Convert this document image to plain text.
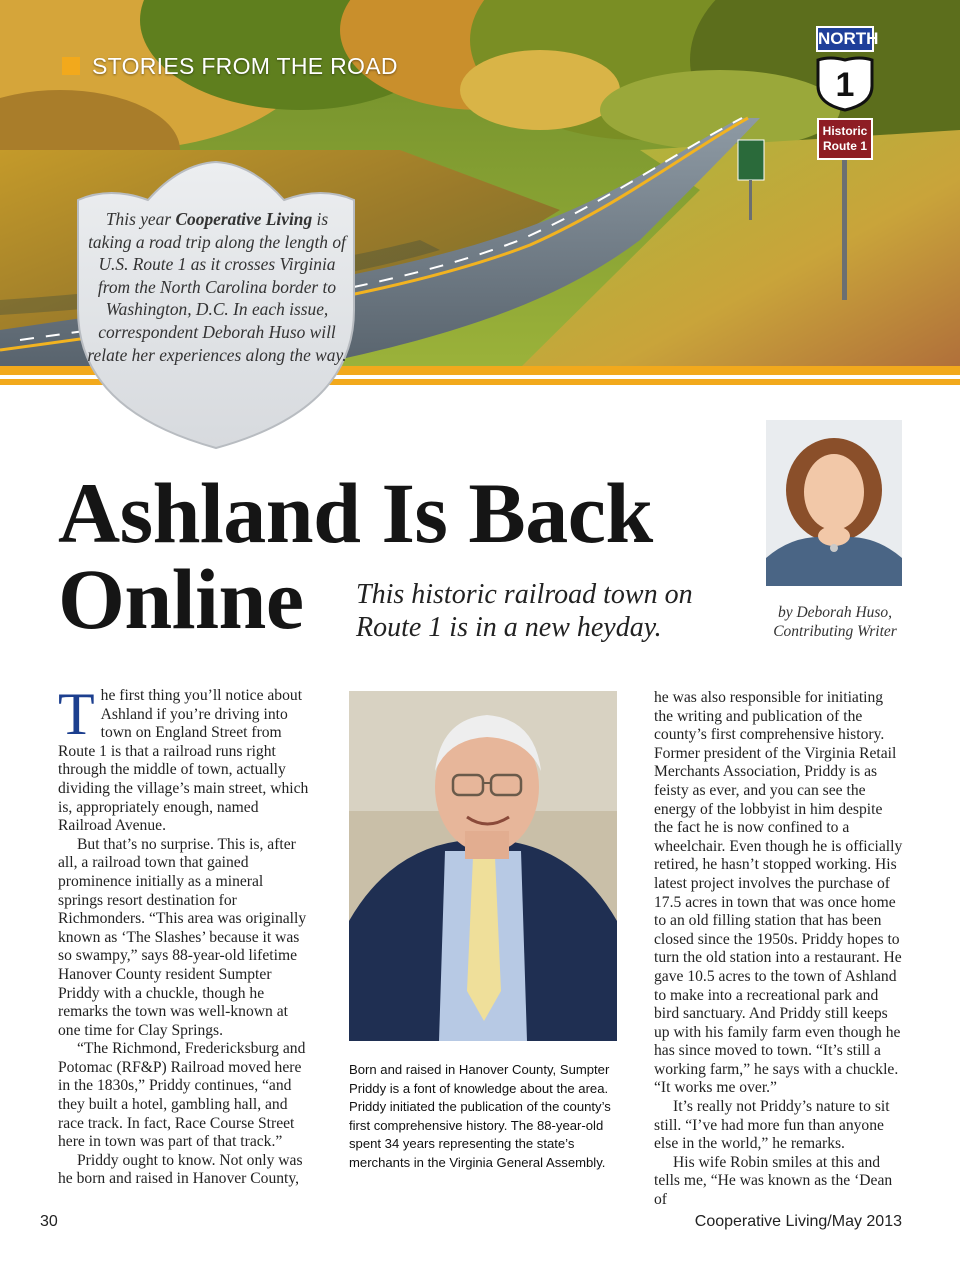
STORIES FROM THE ROAD
NORTH
1
Historic
Route 1
This year Cooperative Living is taking a road trip along the length of U.S. Route 1 as it crosses Virginia from the North Carolina border to Washington, D.C. In each issue, correspondent Deborah Huso will relate her experiences along the way.
Ashland Is Back
Online This historic railroad town on Route 1 is in a new heyday.	by Deborah Huso,
Contributing Writer

The first thing you’ll notice about Ashland if you’re driving into town on England Street from Route 1 is that a railroad runs right through the middle of town, actually dividing the village’s main street, which is, appropriately enough, named Railroad Avenue.

But that’s no surprise. This is, after all, a railroad town that gained prominence initially as a mineral springs resort destination for Richmonders. “This area was originally known as ‘The Slashes’ because it was so swampy,” says 88-year-old lifetime Hanover County resident Sumpter Priddy with a chuckle, though he remarks the town was well-known at one time for Clay Springs.

“The Richmond, Fredericksburg and Potomac (RF&P) Railroad moved here in the 1830s,” Priddy continues, “and they built a hotel, gambling hall, and race track. In fact, Race Course Street here in town was part of that track.”

Priddy ought to know. Not only was he born and raised in Hanover County,

Born and raised in Hanover County, Sumpter Priddy is a font of knowledge about the area. Priddy initiated the publication of the county’s first comprehensive history. The 88-year-old spent 34 years representing the state’s merchants in the Virginia General Assembly.

he was also responsible for initiating the writing and publication of the county’s first comprehensive history. Former president of the Virginia Retail Merchants Association, Priddy is as feisty as ever, and you can see the energy of the lobbyist in him despite the fact he is now confined to a wheelchair. Even though he is officially retired, he hasn’t stopped working. His latest project involves the purchase of 17.5 acres in town that was once home to an old filling station that has been closed since the 1950s. Priddy hopes to turn the old station into a restaurant. He gave 10.5 acres to the town of Ashland to make into a recreational park and bird sanctuary. And Priddy still keeps up with his family farm even though he has since moved to town. “It’s still a working farm,” he says with a chuckle. “It works me over.”

It’s really not Priddy’s nature to sit still. “I’ve had more fun than anyone else in the world,” he remarks.

His wife Robin smiles at this and tells me, “He was known as the ‘Dean of

30	Cooperative Living/May 2013
